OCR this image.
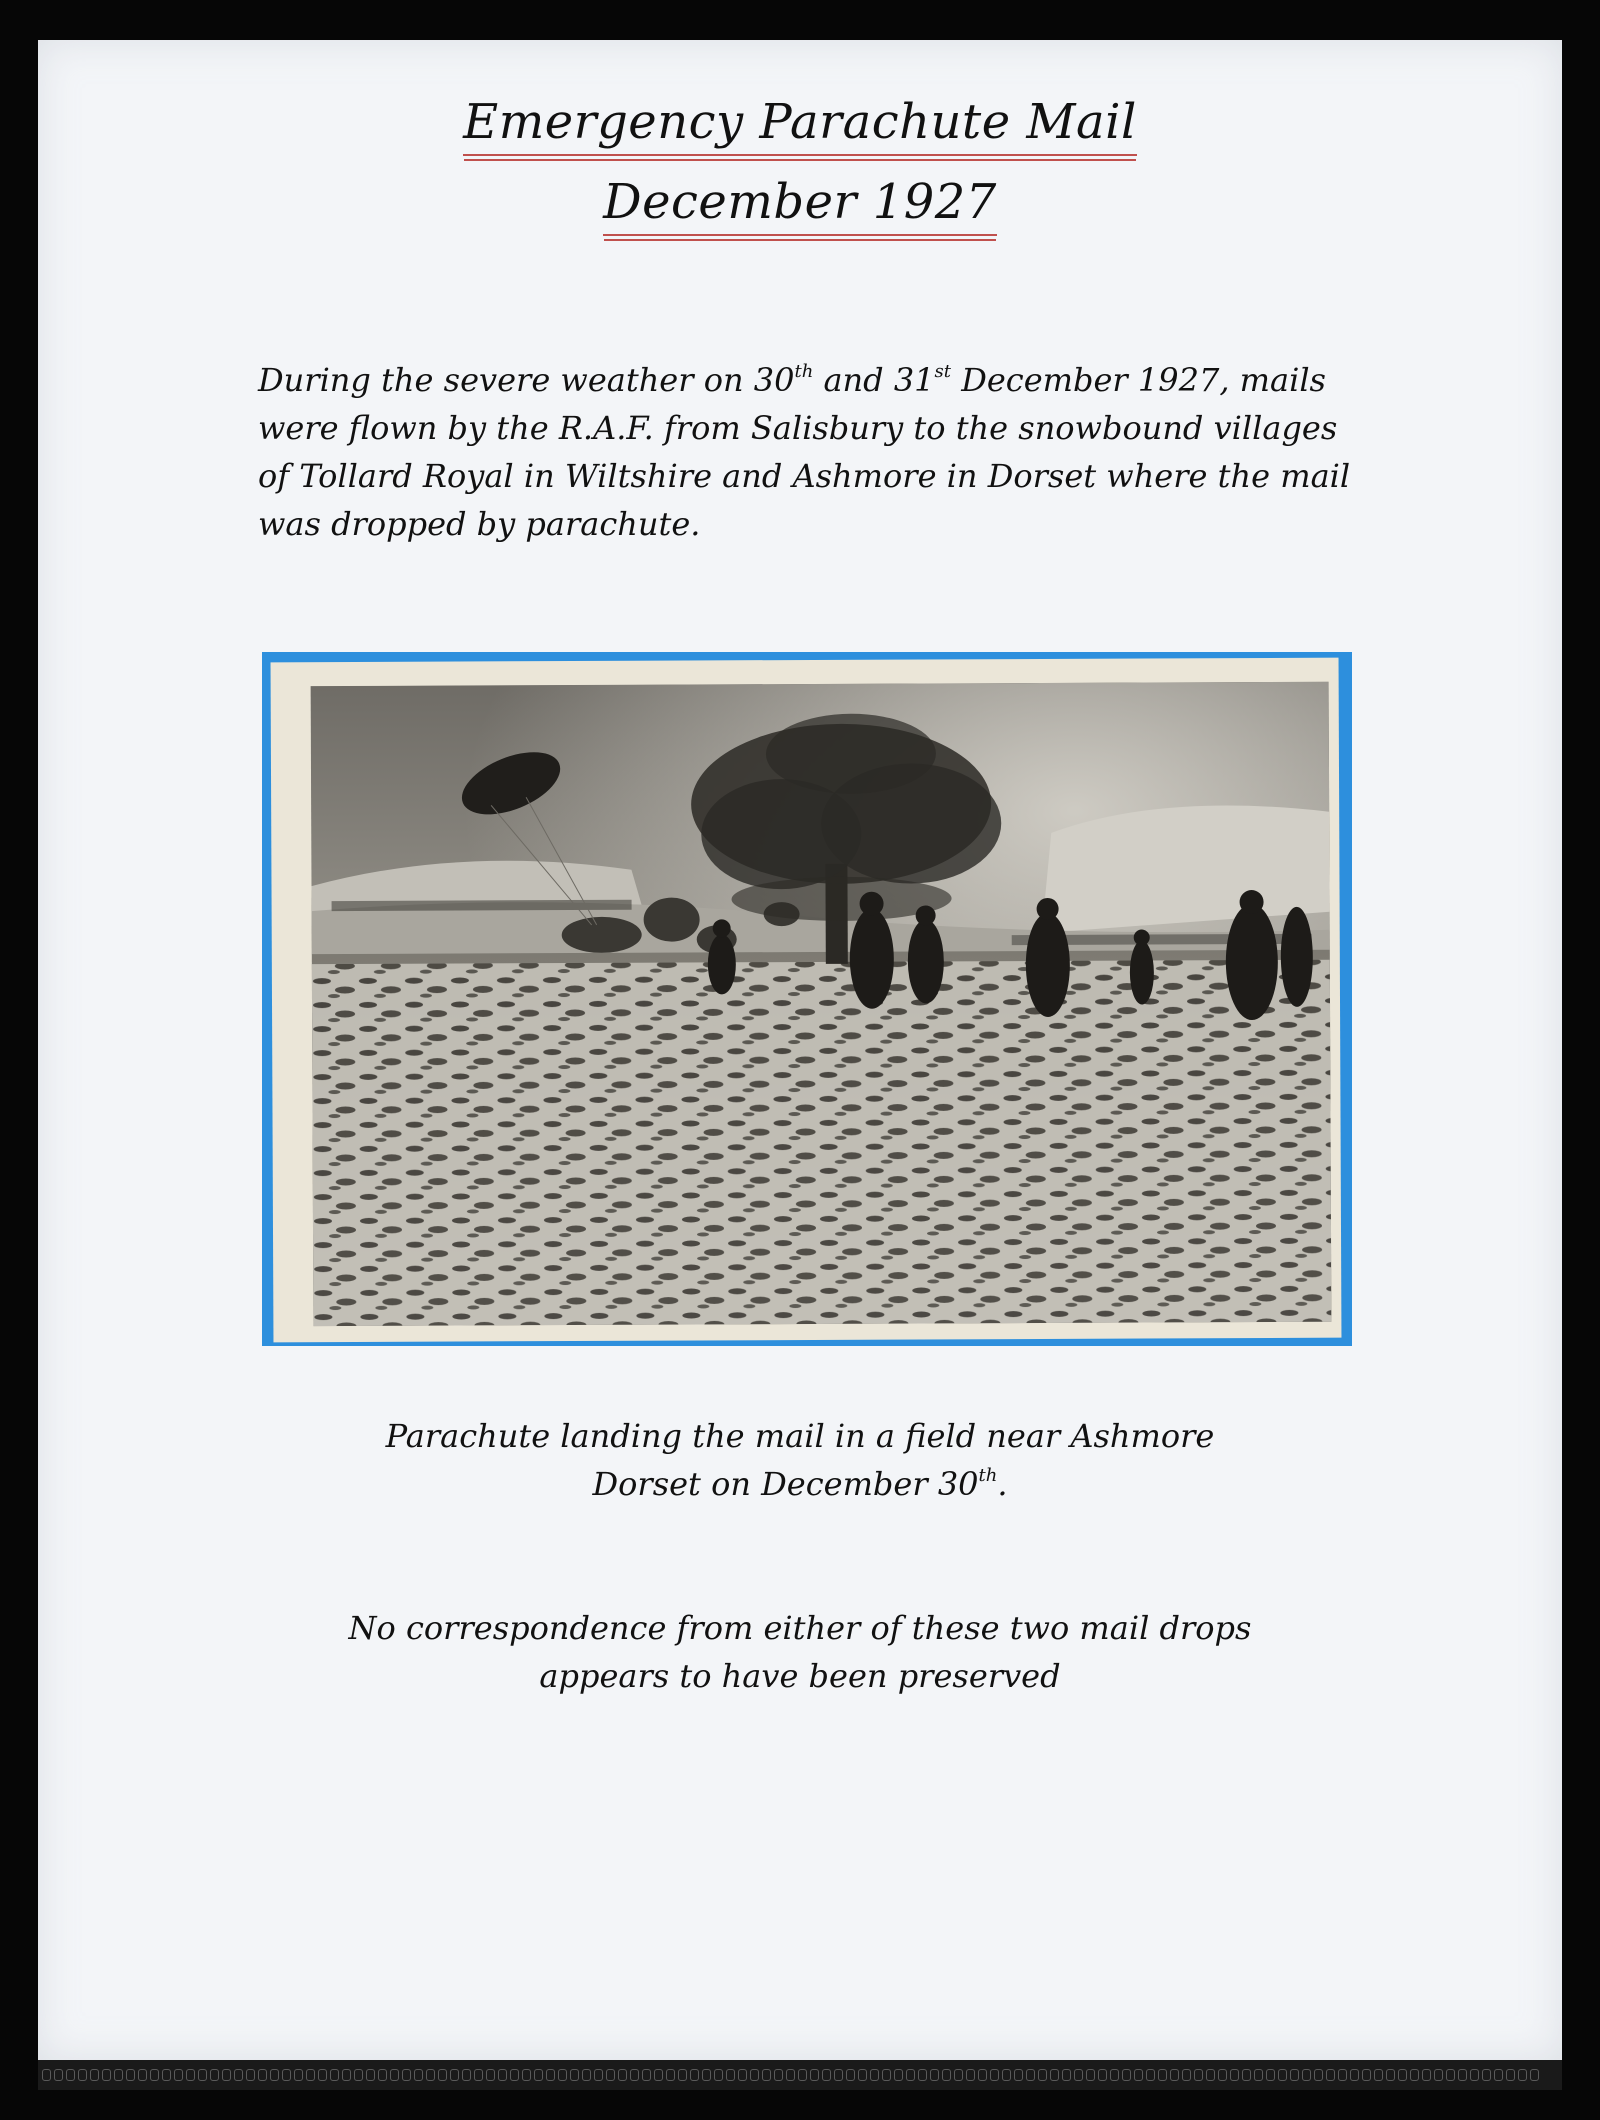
Emergency Parachute Mail
December 1927
During the severe weather on 30th and 31st December 1927, mails were flown by the R.A.F. from Salisbury to the snowbound villages of Tollard Royal in Wiltshire and Ashmore in Dorset where the mail was dropped by parachute.
Parachute landing the mail in a field near Ashmore
Dorset on December 30th.
No correspondence from either of these two mail drops
appears to have been preserved
